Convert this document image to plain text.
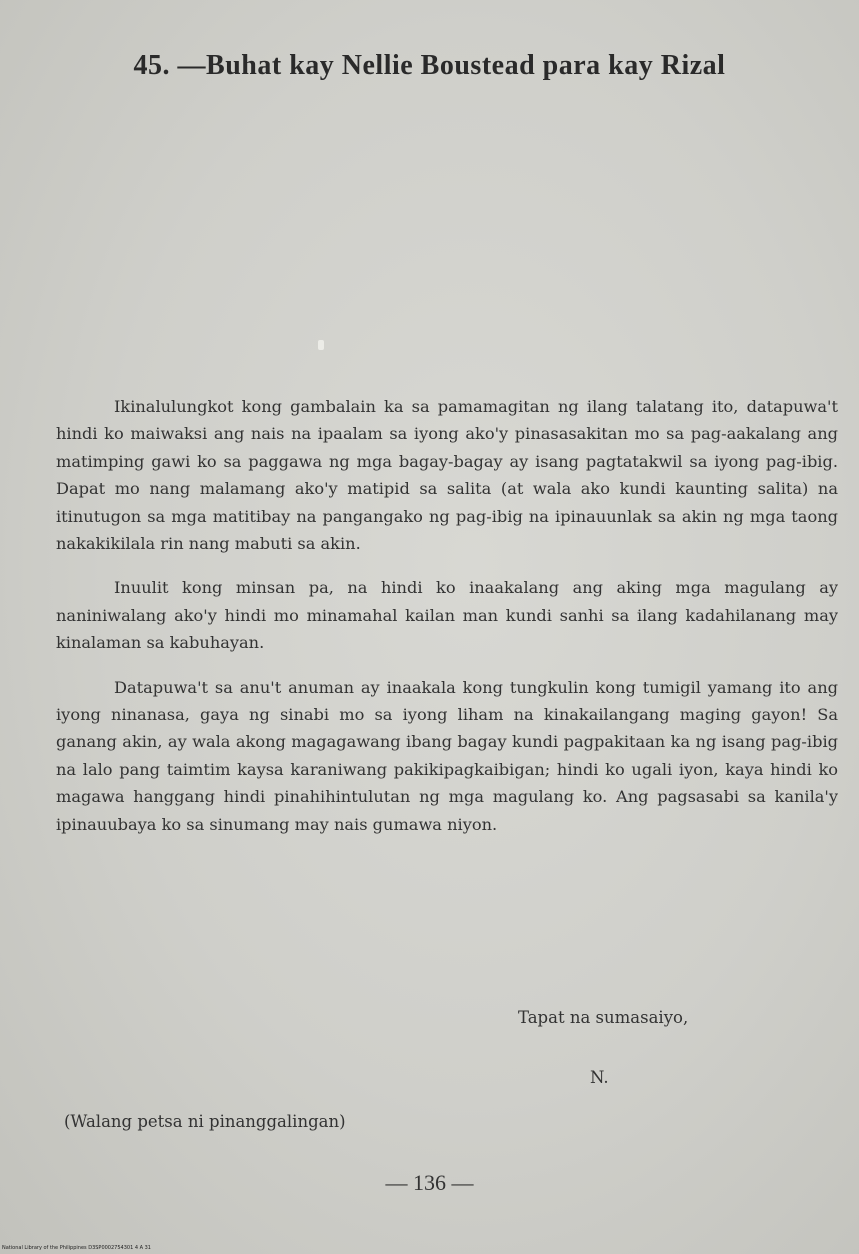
45. —Buhat kay Nellie Boustead para kay Rizal

Ikinalulungkot kong gambalain ka sa pamamagitan ng ilang talatang ito, datapuwa't hindi ko maiwaksi ang nais na ipaalam sa iyong ako'y pinasasakitan mo sa pag-aakalang ang matimping gawi ko sa paggawa ng mga bagay-bagay ay isang pagtatakwil sa iyong pag-ibig. Dapat mo nang malamang ako'y matipid sa salita (at wala ako kundi kaunting salita) na itinutugon sa mga matitibay na pangangako ng pag-ibig na ipinauunlak sa akin ng mga taong nakakikilala rin nang mabuti sa akin.

Inuulit kong minsan pa, na hindi ko inaakalang ang aking mga magulang ay naniniwalang ako'y hindi mo minamahal kailan man kundi sanhi sa ilang kadahilanang may kinalaman sa kabuhayan.

Datapuwa't sa anu't anuman ay inaakala kong tungkulin kong tumigil yamang ito ang iyong ninanasa, gaya ng sinabi mo sa iyong liham na kinakailangang maging gayon! Sa ganang akin, ay wala akong magagawang ibang bagay kundi pagpakitaan ka ng isang pag-ibig na lalo pang taimtim kaysa karaniwang pakikipagkaibigan; hindi ko ugali iyon, kaya hindi ko magawa hanggang hindi pinahihintulutan ng mga magulang ko. Ang pagsasabi sa kanila'y ipinauubaya ko sa sinumang may nais gumawa niyon.

Tapat na sumasaiyo,
N.
(Walang petsa ni pinanggalingan)
— 136 —
National Library of the Philippines D3SP0002754301 4 A 31
